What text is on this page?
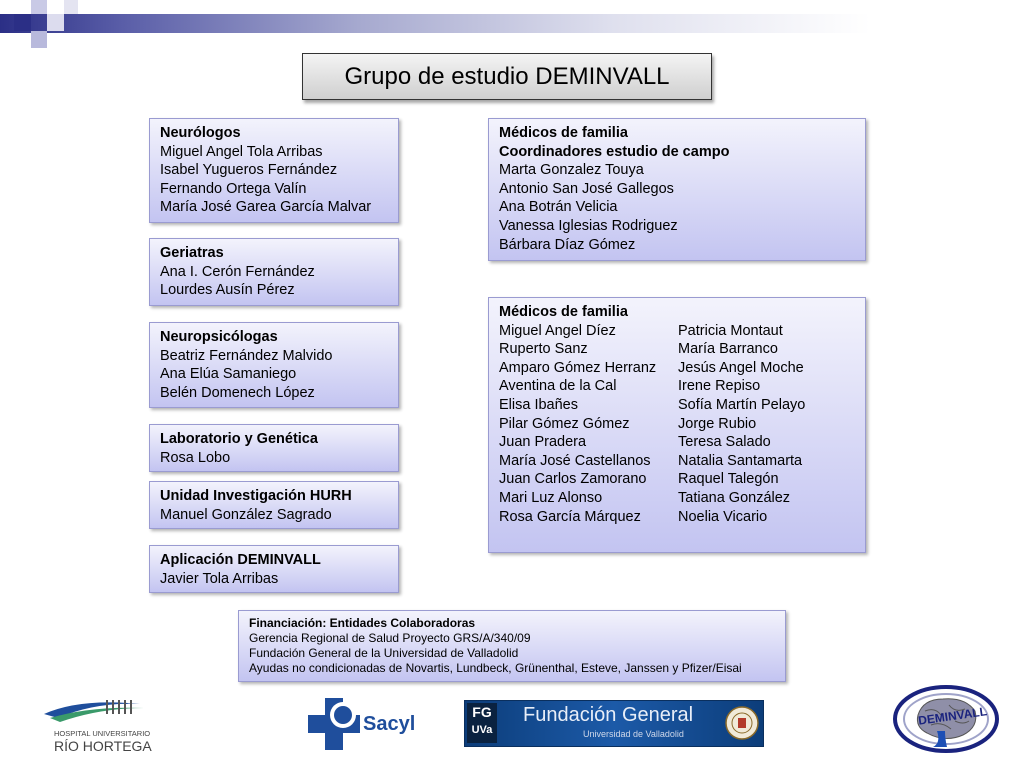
Grupo de estudio DEMINVALL
Neurólogos
Miguel Angel Tola Arribas
Isabel Yugueros Fernández
Fernando Ortega Valín
María José Garea García Malvar
Geriatras
Ana I. Cerón Fernández
Lourdes Ausín Pérez
Neuropsicólogas
Beatriz Fernández Malvido
Ana Elúa Samaniego
Belén Domenech López
Laboratorio y Genética
Rosa Lobo
Unidad Investigación HURH
Manuel González Sagrado
Aplicación DEMINVALL
Javier Tola Arribas
Médicos de familia
Coordinadores estudio de campo
Marta Gonzalez Touya
Antonio San José Gallegos
Ana Botrán Velicia
Vanessa Iglesias Rodriguez
Bárbara Díaz Gómez
Médicos de familia
Miguel Angel Díez
Ruperto Sanz
Amparo Gómez Herranz
Aventina de la Cal
Elisa Ibañes
Pilar Gómez Gómez
Juan Pradera
María José Castellanos
Juan Carlos Zamorano
Mari Luz Alonso
Rosa García Márquez
Patricia Montaut
María Barranco
Jesús Angel Moche
Irene Repiso
Sofía Martín Pelayo
Jorge Rubio
Teresa Salado
Natalia Santamarta
Raquel Talegón
Tatiana González
Noelia Vicario
Financiación: Entidades Colaboradoras
Gerencia Regional de Salud Proyecto GRS/A/340/09
Fundación General de la Universidad de Valladolid
Ayudas no condicionadas de Novartis, Lundbeck, Grünenthal, Esteve, Janssen y Pfizer/Eisai
HOSPITAL UNIVERSITARIO
RÍO HORTEGA
Sacyl
FG
UVa
Fundación General
Universidad de Valladolid
DEMINVALL
